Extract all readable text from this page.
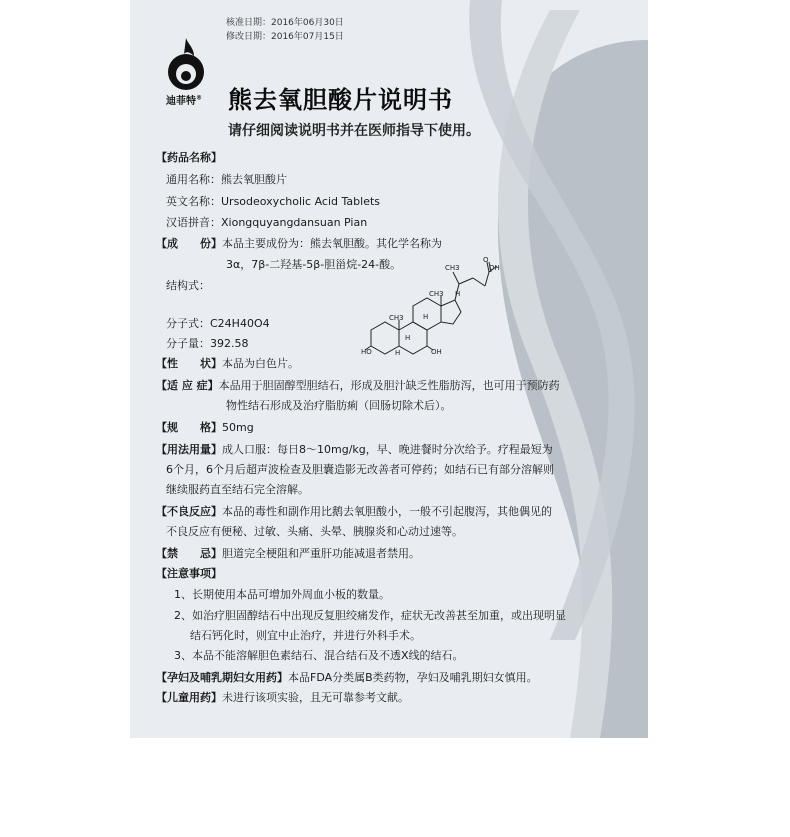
核准日期：2016年06月30日
修改日期：2016年07月15日
迪菲特® 熊去氧胆酸片说明书
请仔细阅读说明书并在医师指导下使用。
【药品名称】
通用名称：熊去氧胆酸片
英文名称：Ursodeoxycholic Acid Tablets
汉语拼音：Xiongquyangdansuan Pian
【成　　份】本品主要成份为：熊去氧胆酸。其化学名称为
3α，7β-二羟基-5β-胆甾烷-24-酸。
结构式：
CH3
CH3
CH3
O
OH
H
H
H
H
HO	OH
分子式：C24H40O4
分子量：392.58
【性　　状】本品为白色片。
【适 应 症】本品用于胆固醇型胆结石，形成及胆汁缺乏性脂肪泻，也可用于预防药
物性结石形成及治疗脂肪痢（回肠切除术后）。
【规　　格】50mg
【用法用量】成人口服：每日8～10mg/kg，早、晚进餐时分次给予。疗程最短为
6个月，6个月后超声波检查及胆囊造影无改善者可停药；如结石已有部分溶解则
继续服药直至结石完全溶解。
【不良反应】本品的毒性和副作用比鹅去氧胆酸小，一般不引起腹泻，其他偶见的
不良反应有便秘、过敏、头痛、头晕、胰腺炎和心动过速等。
【禁　　忌】胆道完全梗阻和严重肝功能减退者禁用。
【注意事项】
1、长期使用本品可增加外周血小板的数量。
2、如治疗胆固醇结石中出现反复胆绞痛发作，症状无改善甚至加重，或出现明显
结石钙化时，则宜中止治疗，并进行外科手术。
3、本品不能溶解胆色素结石、混合结石及不透X线的结石。
【孕妇及哺乳期妇女用药】本品FDA分类属B类药物，孕妇及哺乳期妇女慎用。
【儿童用药】未进行该项实验，且无可靠参考文献。
